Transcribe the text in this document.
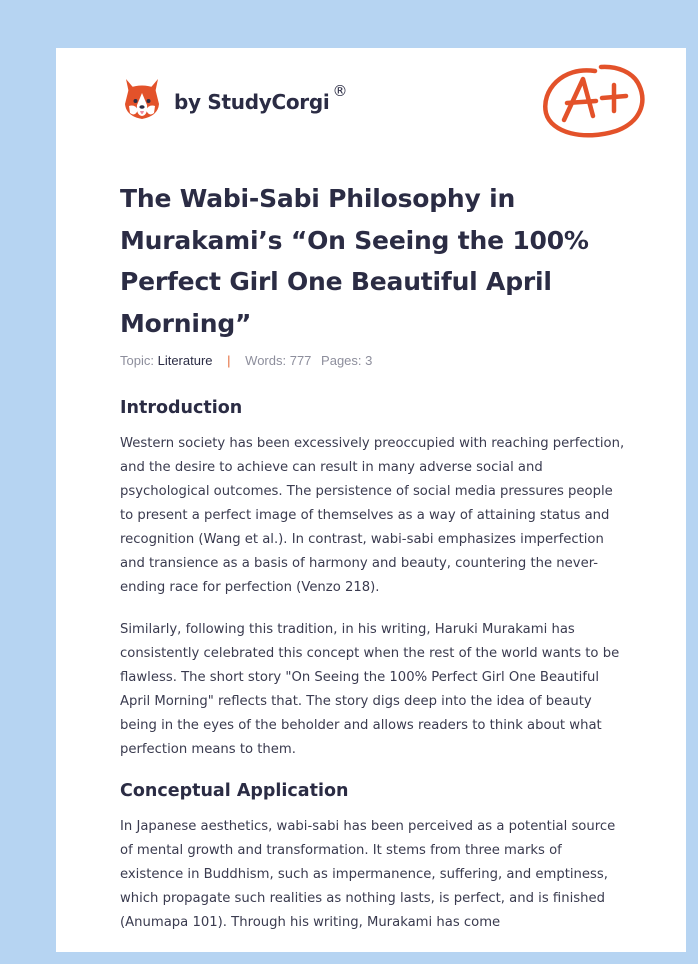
by StudyCorgi ®
The Wabi-Sabi Philosophy in Murakami’s “On Seeing the 100% Perfect Girl One Beautiful April Morning”
Topic: Literature | Words: 777 Pages: 3
Introduction

Western society has been excessively preoccupied with reaching perfection, and the desire to achieve can result in many adverse social and psychological outcomes. The persistence of social media pressures people to present a perfect image of themselves as a way of attaining status and recognition (Wang et al.). In contrast, wabi-sabi emphasizes imperfection and transience as a basis of harmony and beauty, countering the never-ending race for perfection (Venzo 218).

Similarly, following this tradition, in his writing, Haruki Murakami has consistently celebrated this concept when the rest of the world wants to be flawless. The short story "On Seeing the 100% Perfect Girl One Beautiful April Morning" reflects that. The story digs deep into the idea of beauty being in the eyes of the beholder and allows readers to think about what perfection means to them.

Conceptual Application

In Japanese aesthetics, wabi-sabi has been perceived as a potential source of mental growth and transformation. It stems from three marks of existence in Buddhism, such as impermanence, suffering, and emptiness, which propagate such realities as nothing lasts, is perfect, and is finished (Anumapa 101). Through his writing, Murakami has come
